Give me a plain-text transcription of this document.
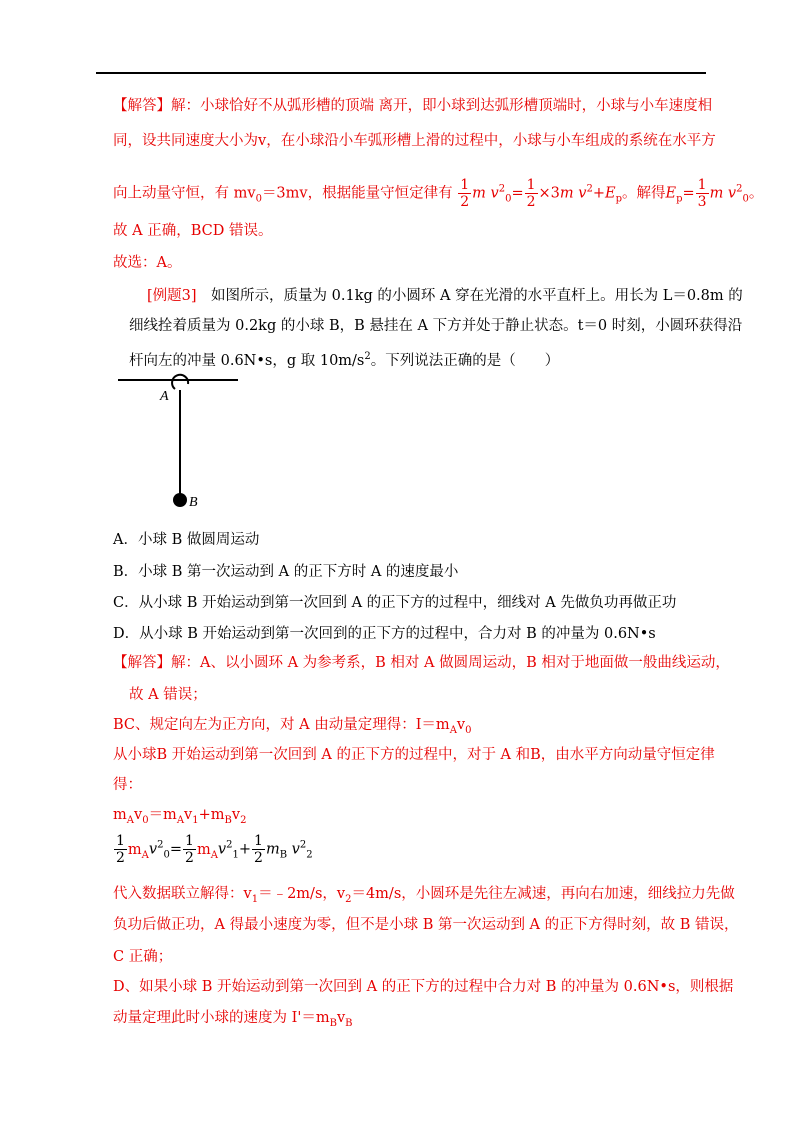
【解答】解：小球恰好不从弧形槽的顶端 离开，即小球到达弧形槽顶端时，小球与小车速度相
同，设共同速度大小为v，在小球沿小车弧形槽上滑的过程中，小球与小车组成的系统在水平方
向上动量守恒，有 $mv_0=3mv$，根据能量守恒定律有 $\frac{1}{2}$ m $v^2_0= \frac{1}{2} \times 3m$ $v^2+E_p$。解得$E_p= \frac{1}{3}$ m $v^2_0$。
故 A 正确，BCD 错误。
故选：A。
[例题3]　 如图所示，质量为 0.1kg 的小圆环 A 穿在光滑的水平直杆上。用长为 L＝0.8m 的
细线拴着质量为 0.2kg 的小球 B，B 悬挂在 A 下方并处于静止状态。t＝0 时刻，小圆环获得沿
杆向左的冲量 0.6N•s，g 取 $10m/s^2$。下列说法正确的是（　　）
A
B
A．小球 B 做圆周运动
B．小球 B 第一次运动到 A 的正下方时 A 的速度最小
C．从小球 B 开始运动到第一次回到 A 的正下方的过程中，细线对 A 先做负功再做正功
D．从小球 B 开始运动到第一次回到的正下方的过程中，合力对 B 的冲量为 0.6N•s
【解答】解：A、以小圆环 A 为参考系，B 相对 A 做圆周运动，B 相对于地面做一般曲线运动，
故 A 错误；
BC、规定向左为正方向，对 A 由动量定理得：$I=m_Av_0$
从小球B 开始运动到第一次回到 A 的正下方的过程中，对于 A 和B，由水平方向动量守恒定律
得：
$m_Av_0=m_Av_1+m_Bv_2$
$\frac{1}{2} m_Av^2_0= \frac{1}{2} m_Av^2_1+ \frac{1}{2} m_B$ $v^2_2$
代入数据联立解得：$v_1=﹣2m/s$，$v_2=4m/s$，小圆环是先往左减速，再向右加速，细线拉力先做
负功后做正功，A 得最小速度为零，但不是小球 B 第一次运动到 A 的正下方得时刻，故 B 错误，
C 正确；
D、如果小球 B 开始运动到第一次回到 A 的正下方的过程中合力对 B 的冲量为 0.6N•s，则根据
动量定理此时小球的速度为 $I'=m_Bv_B$
